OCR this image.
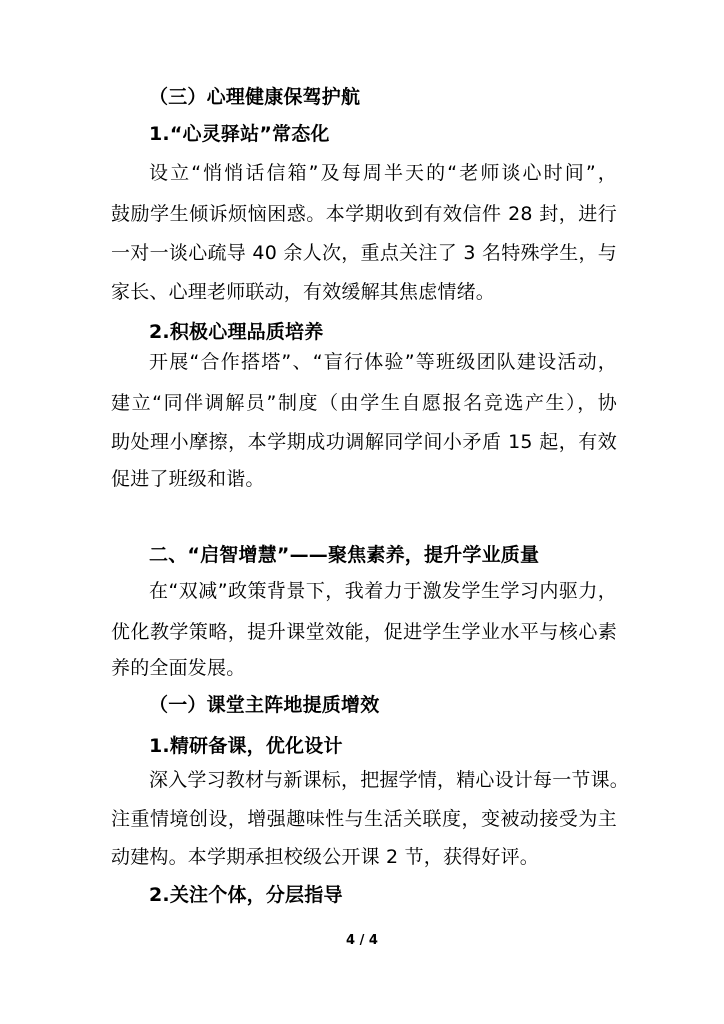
（三）心理健康保驾护航
1.“心灵驿站”常态化
设立“悄悄话信箱”及每周半天的“老师谈心时间”，
鼓励学生倾诉烦恼困惑。本学期收到有效信件 28 封，进行
一对一谈心疏导 40 余人次，重点关注了 3 名特殊学生，与
家长、心理老师联动，有效缓解其焦虑情绪。
2.积极心理品质培养
开展“合作搭塔”、“盲行体验”等班级团队建设活动，
建立“同伴调解员”制度（由学生自愿报名竞选产生），协
助处理小摩擦，本学期成功调解同学间小矛盾 15 起，有效
促进了班级和谐。
二、“启智增慧”——聚焦素养，提升学业质量
在“双减”政策背景下，我着力于激发学生学习内驱力，
优化教学策略，提升课堂效能，促进学生学业水平与核心素
养的全面发展。
（一）课堂主阵地提质增效
1.精研备课，优化设计
深入学习教材与新课标，把握学情，精心设计每一节课。
注重情境创设，增强趣味性与生活关联度，变被动接受为主
动建构。本学期承担校级公开课 2 节，获得好评。
2.关注个体，分层指导
4 / 4
